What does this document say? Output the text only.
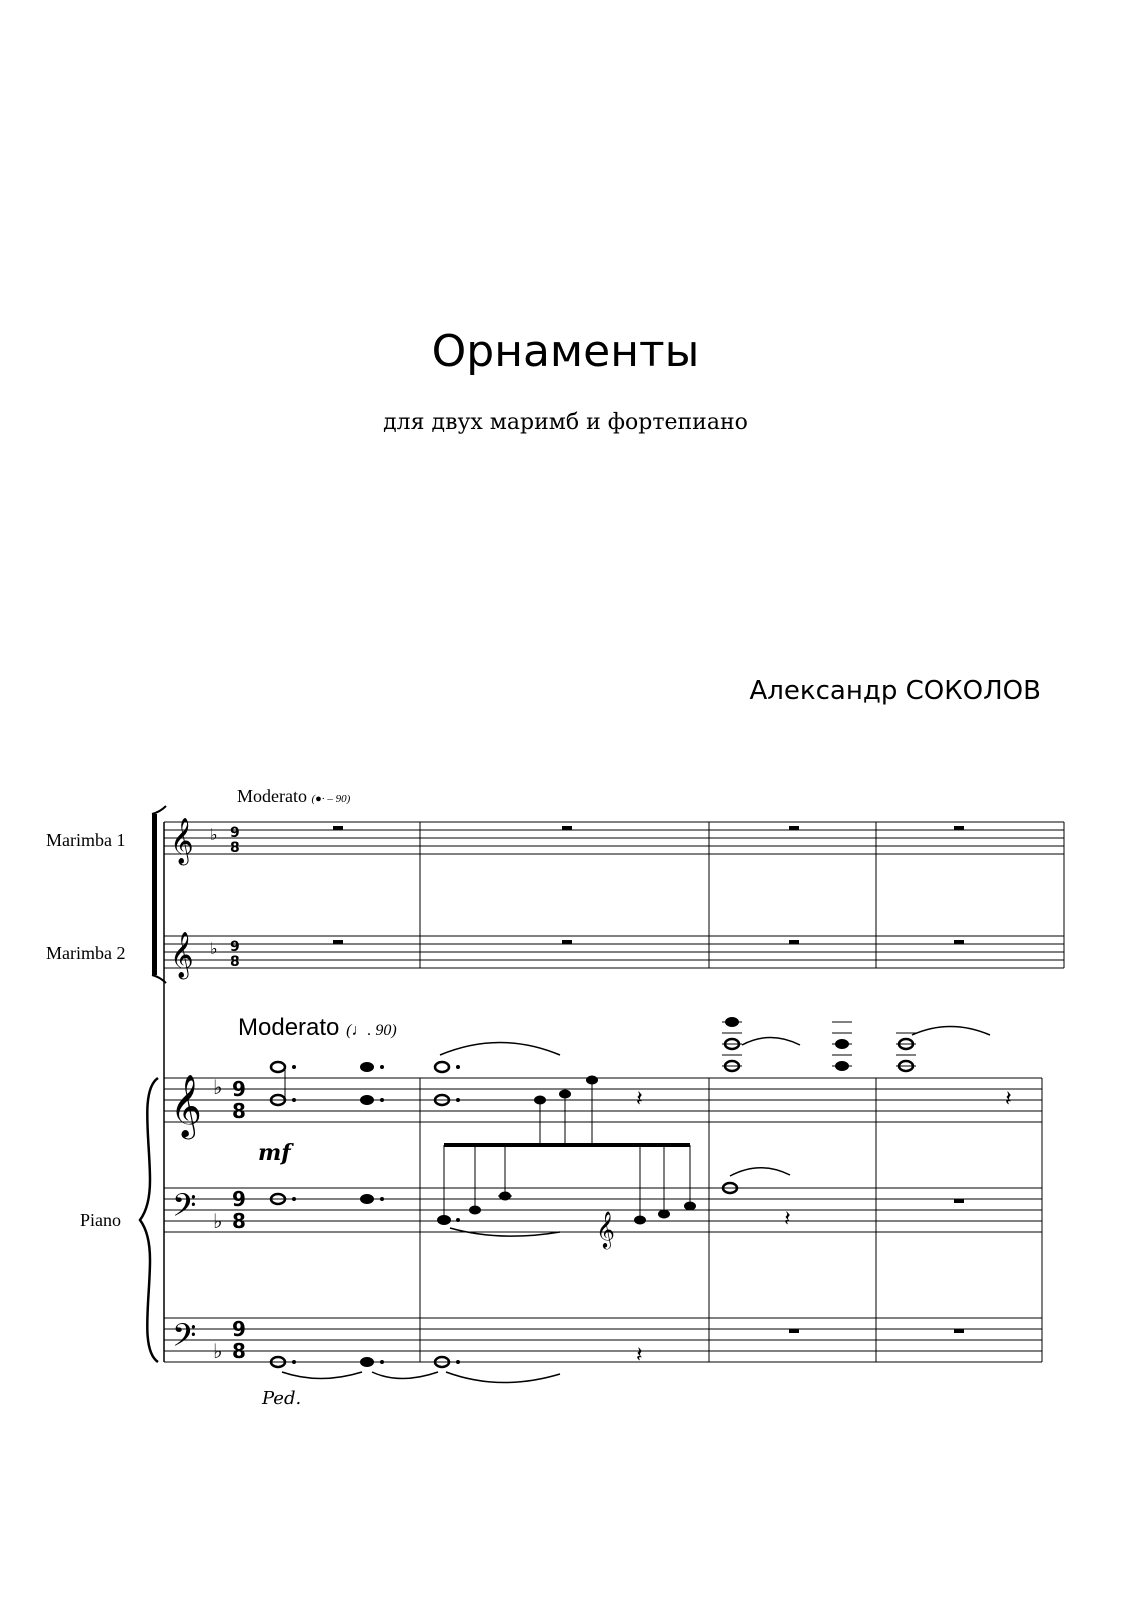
Орнаменты
для двух маримб и фортепиано
Александр СОКОЛОВ
Moderato (●· – 90)
Moderato (♩. 90)
Marimba 1
Marimba 2
Piano
𝄞 ♭ 9
8
𝄞 ♭ 9
8
𝄞 ♭ 9
8
𝄢 ♭
9
8
𝄢 ♭
9
8
𝄽	𝄽
mf
𝄞	𝄽
𝄽
Ped.
